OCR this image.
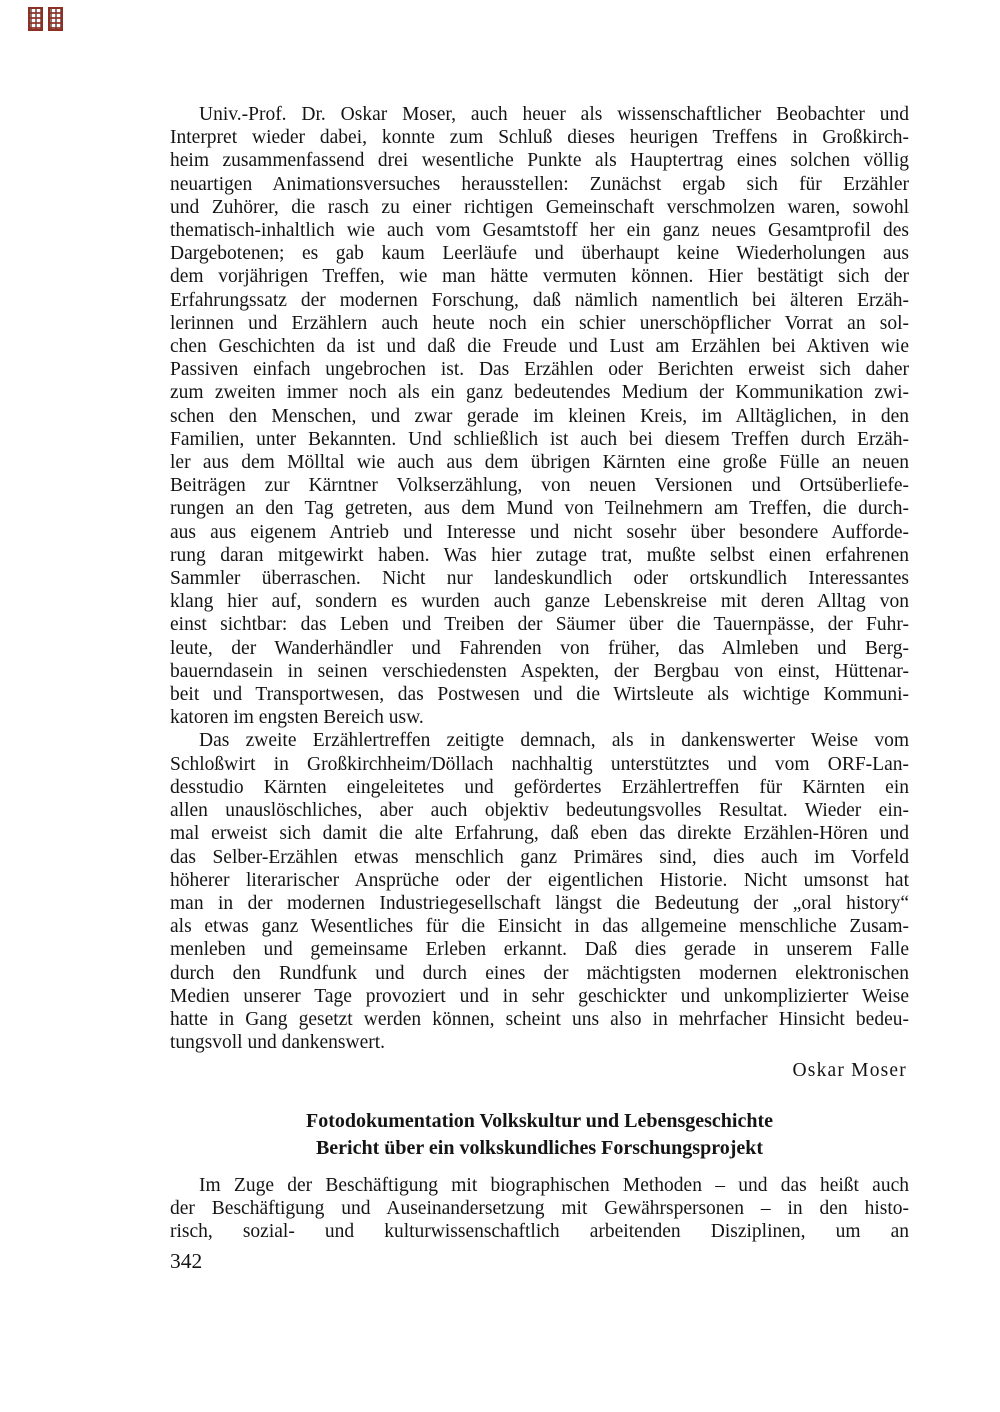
Univ.-Prof. Dr. Oskar Moser, auch heuer als wissenschaftlicher Beobachter und
Interpret wieder dabei, konnte zum Schluß dieses heurigen Treffens in Großkirch-
heim zusammenfassend drei wesentliche Punkte als Hauptertrag eines solchen völlig
neuartigen Animationsversuches herausstellen: Zunächst ergab sich für Erzähler
und Zuhörer, die rasch zu einer richtigen Gemeinschaft verschmolzen waren, sowohl
thematisch-inhaltlich wie auch vom Gesamtstoff her ein ganz neues Gesamtprofil des
Dargebotenen; es gab kaum Leerläufe und überhaupt keine Wiederholungen aus
dem vorjährigen Treffen, wie man hätte vermuten können. Hier bestätigt sich der
Erfahrungssatz der modernen Forschung, daß nämlich namentlich bei älteren Erzäh-
lerinnen und Erzählern auch heute noch ein schier unerschöpflicher Vorrat an sol-
chen Geschichten da ist und daß die Freude und Lust am Erzählen bei Aktiven wie
Passiven einfach ungebrochen ist. Das Erzählen oder Berichten erweist sich daher
zum zweiten immer noch als ein ganz bedeutendes Medium der Kommunikation zwi-
schen den Menschen, und zwar gerade im kleinen Kreis, im Alltäglichen, in den
Familien, unter Bekannten. Und schließlich ist auch bei diesem Treffen durch Erzäh-
ler aus dem Mölltal wie auch aus dem übrigen Kärnten eine große Fülle an neuen
Beiträgen zur Kärntner Volkserzählung, von neuen Versionen und Ortsüberliefe-
rungen an den Tag getreten, aus dem Mund von Teilnehmern am Treffen, die durch-
aus aus eigenem Antrieb und Interesse und nicht sosehr über besondere Aufforde-
rung daran mitgewirkt haben. Was hier zutage trat, mußte selbst einen erfahrenen
Sammler überraschen. Nicht nur landeskundlich oder ortskundlich Interessantes
klang hier auf, sondern es wurden auch ganze Lebenskreise mit deren Alltag von
einst sichtbar: das Leben und Treiben der Säumer über die Tauernpässe, der Fuhr-
leute, der Wanderhändler und Fahrenden von früher, das Almleben und Berg-
bauerndasein in seinen verschiedensten Aspekten, der Bergbau von einst, Hüttenar-
beit und Transportwesen, das Postwesen und die Wirtsleute als wichtige Kommuni-
katoren im engsten Bereich usw.
Das zweite Erzählertreffen zeitigte demnach, als in dankenswerter Weise vom
Schloßwirt in Großkirchheim/Döllach nachhaltig unterstütztes und vom ORF-Lan-
desstudio Kärnten eingeleitetes und gefördertes Erzählertreffen für Kärnten ein
allen unauslöschliches, aber auch objektiv bedeutungsvolles Resultat. Wieder ein-
mal erweist sich damit die alte Erfahrung, daß eben das direkte Erzählen-Hören und
das Selber-Erzählen etwas menschlich ganz Primäres sind, dies auch im Vorfeld
höherer literarischer Ansprüche oder der eigentlichen Historie. Nicht umsonst hat
man in der modernen Industriegesellschaft längst die Bedeutung der „oral history“
als etwas ganz Wesentliches für die Einsicht in das allgemeine menschliche Zusam-
menleben und gemeinsame Erleben erkannt. Daß dies gerade in unserem Falle
durch den Rundfunk und durch eines der mächtigsten modernen elektronischen
Medien unserer Tage provoziert und in sehr geschickter und unkomplizierter Weise
hatte in Gang gesetzt werden können, scheint uns also in mehrfacher Hinsicht bedeu-
tungsvoll und dankenswert.
Oskar Moser
Fotodokumentation Volkskultur und Lebensgeschichte
Bericht über ein volkskundliches Forschungsprojekt
Im Zuge der Beschäftigung mit biographischen Methoden – und das heißt auch
der Beschäftigung und Auseinandersetzung mit Gewährspersonen – in den histo-
risch, sozial- und kulturwissenschaftlich arbeitenden Disziplinen, um an
342
